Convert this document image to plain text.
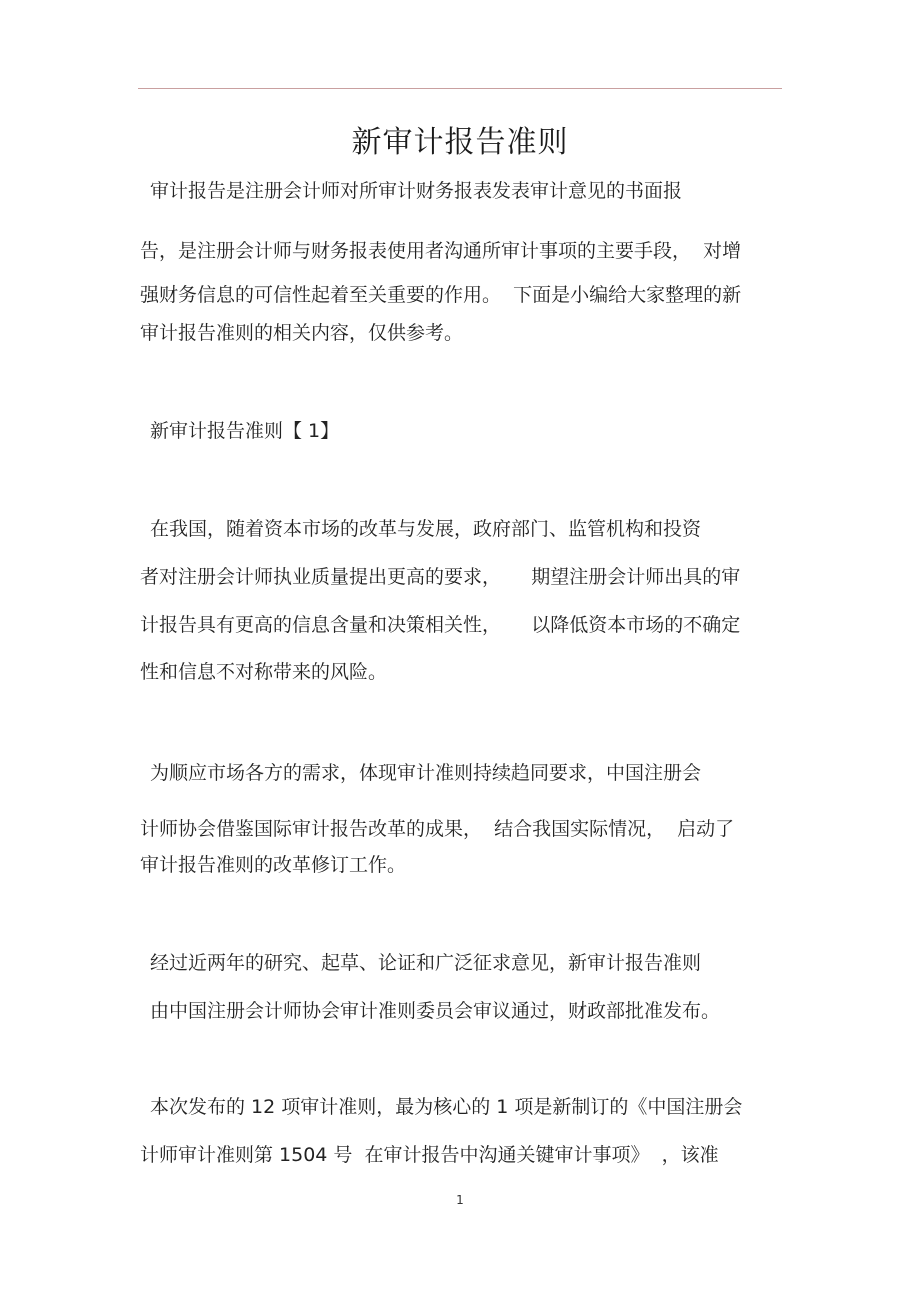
新审计报告准则
审计报告是注册会计师对所审计财务报表发表审计意见的书面报
告，是注册会计师与财务报表使用者沟通所审计事项的主要手段，  对增
强财务信息的可信性起着至关重要的作用。  下面是小编给大家整理的新
审计报告准则的相关内容，仅供参考。
新审计报告准则【 1】
在我国，随着资本市场的改革与发展，政府部门、监管机构和投资
者对注册会计师执业质量提出更高的要求，     期望注册会计师出具的审
计报告具有更高的信息含量和决策相关性，     以降低资本市场的不确定
性和信息不对称带来的风险。
为顺应市场各方的需求，体现审计准则持续趋同要求，中国注册会
计师协会借鉴国际审计报告改革的成果，  结合我国实际情况，  启动了
审计报告准则的改革修订工作。
经过近两年的研究、起草、论证和广泛征求意见，新审计报告准则
由中国注册会计师协会审计准则委员会审议通过，财政部批准发布。
本次发布的 12 项审计准则，最为核心的 1 项是新制订的《中国注册会
计师审计准则第 1504 号  在审计报告中沟通关键审计事项》  ，该准
1
